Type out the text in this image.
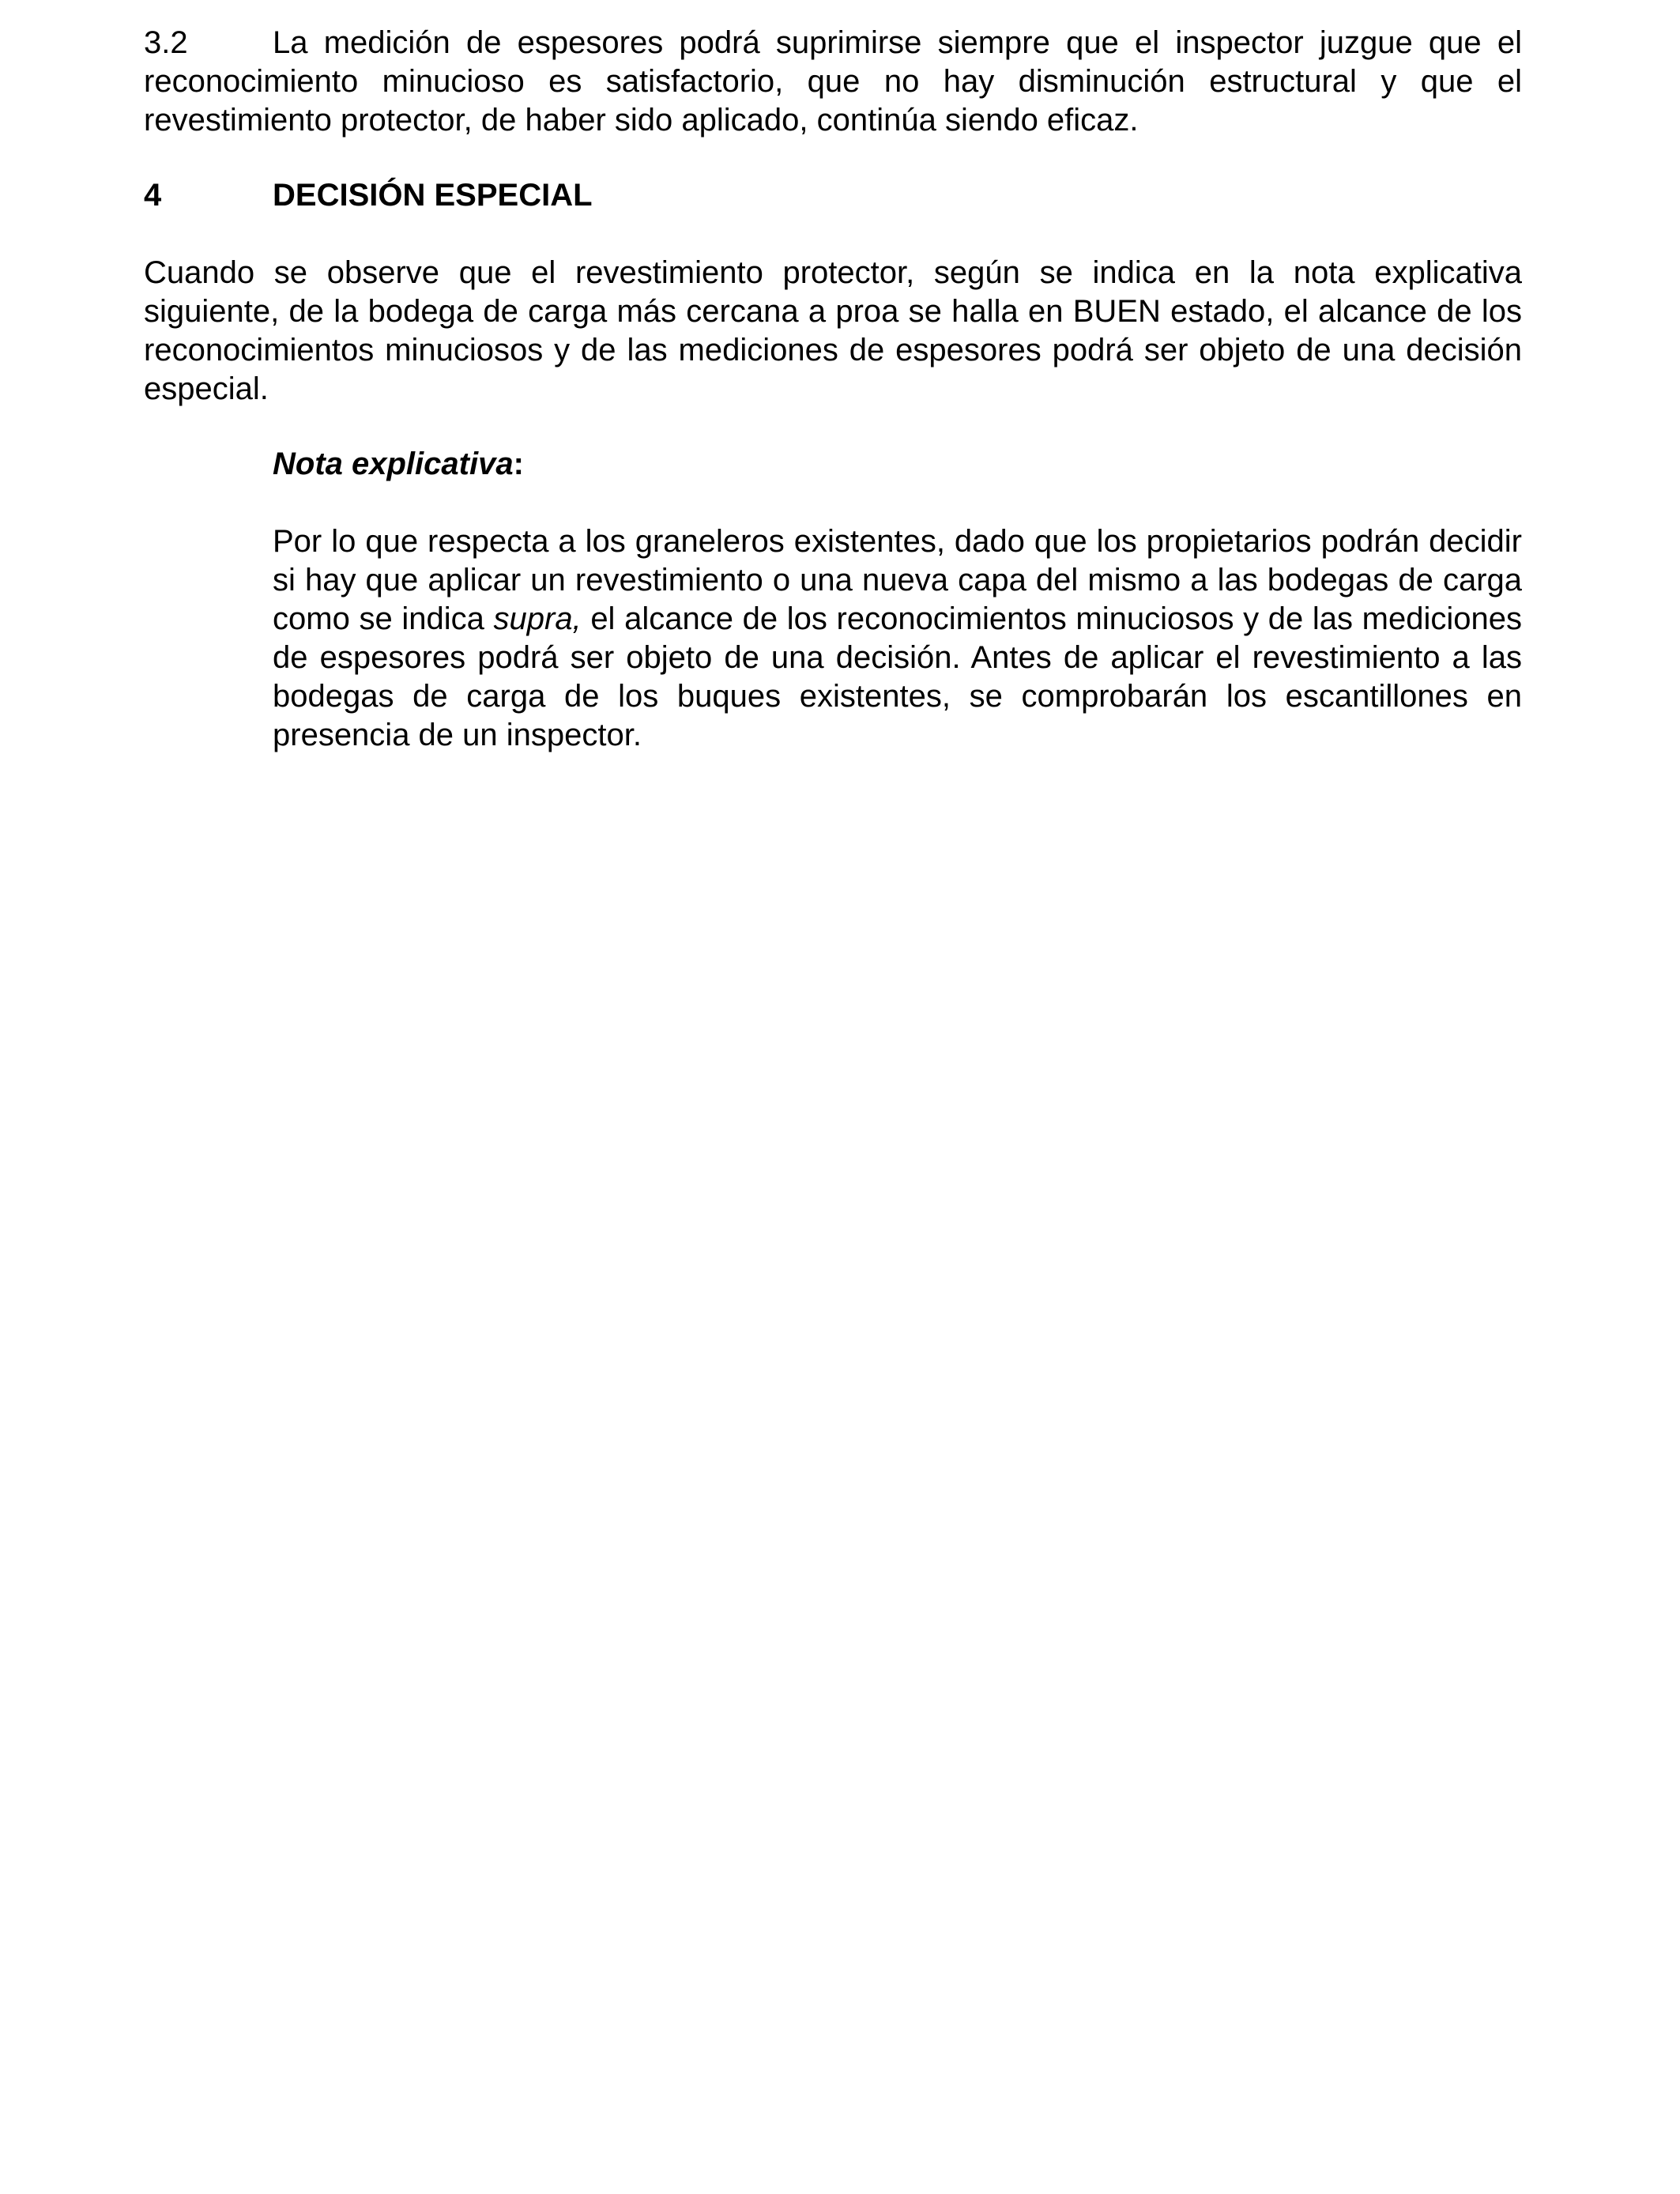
3.2	La medición de espesores podrá suprimirse siempre que el inspector juzgue que el reconocimiento minucioso es satisfactorio, que no hay disminución estructural y que el revestimiento protector, de haber sido aplicado, continúa siendo eficaz.

4	DECISIÓN ESPECIAL

Cuando se observe que el revestimiento protector, según se indica en la nota explicativa siguiente, de la bodega de carga más cercana a proa se halla en BUEN estado, el alcance de los reconocimientos minuciosos y de las mediciones de espesores podrá ser objeto de una decisión especial.

Nota explicativa:

Por lo que respecta a los graneleros existentes, dado que los propietarios podrán decidir si hay que aplicar un revestimiento o una nueva capa del mismo a las bodegas de carga como se indica supra, el alcance de los reconocimientos minuciosos y de las mediciones de espesores podrá ser objeto de una decisión. Antes de aplicar el revestimiento a las bodegas de carga de los buques existentes, se comprobarán los escantillones en presencia de un inspector.
